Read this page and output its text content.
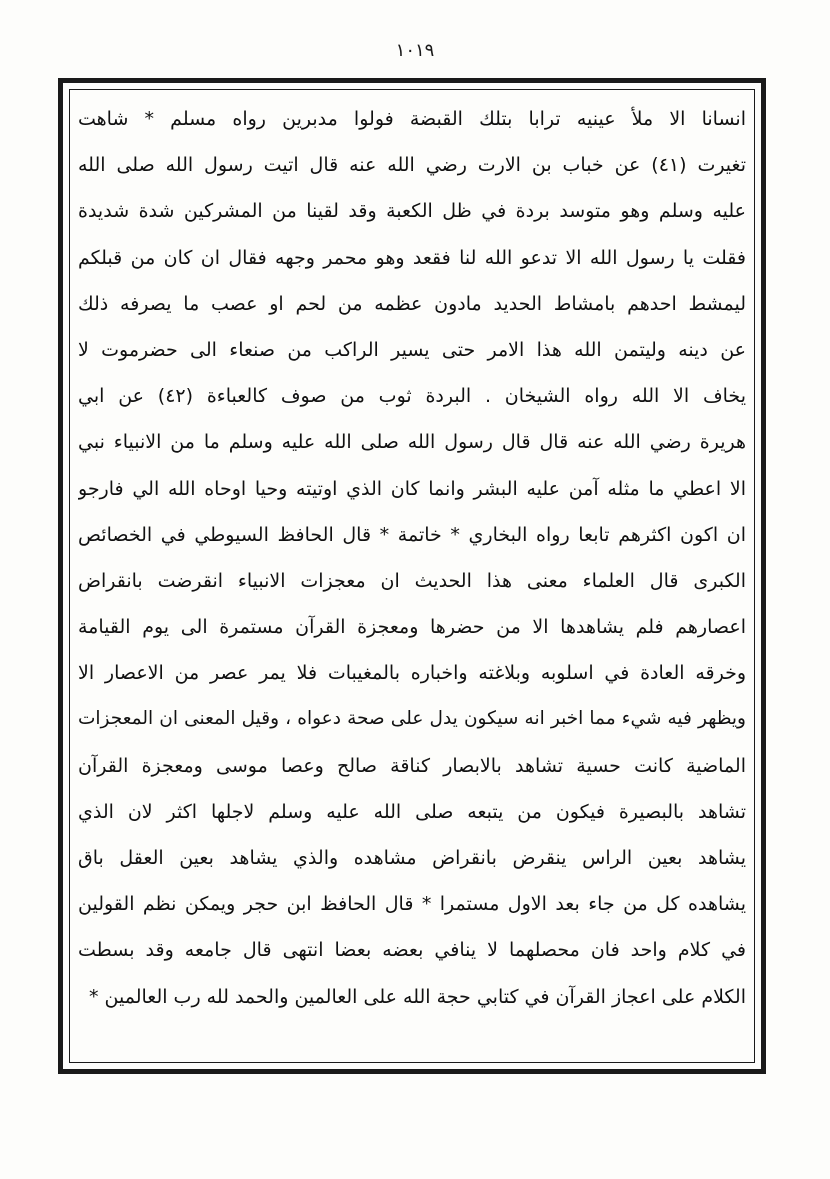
١٠١٩
انسانا الا ملأ عينيه ترابا بتلك القبضة فولوا مدبرين رواه مسلم * شاهت
تغيرت (٤١) عن خباب بن الارت رضي الله عنه قال اتيت رسول الله صلى الله
عليه وسلم وهو متوسد بردة في ظل الكعبة وقد لقينا من المشركين شدة شديدة
فقلت يا رسول الله الا تدعو الله لنا فقعد وهو محمر وجهه فقال ان كان من قبلكم
ليمشط احدهم بامشاط الحديد مادون عظمه من لحم او عصب ما يصرفه ذلك
عن دينه وليتمن الله هذا الامر حتى يسير الراكب من صنعاء الى حضرموت لا
يخاف الا الله رواه الشيخان . البردة ثوب من صوف كالعباءة (٤٢) عن ابي
هريرة رضي الله عنه قال قال رسول الله صلى الله عليه وسلم ما من الانبياء نبي
الا اعطي ما مثله آمن عليه البشر وانما كان الذي اوتيته وحيا اوحاه الله الي فارجو
ان اكون اكثرهم تابعا رواه البخاري * خاتمة * قال الحافظ السيوطي في الخصائص
الكبرى قال العلماء معنى هذا الحديث ان معجزات الانبياء انقرضت بانقراض
اعصارهم فلم يشاهدها الا من حضرها ومعجزة القرآن مستمرة الى يوم القيامة
وخرقه العادة في اسلوبه وبلاغته واخباره بالمغيبات فلا يمر عصر من الاعصار الا
ويظهر فيه شيء مما اخبر انه سيكون يدل على صحة دعواه ، وقيل المعنى ان المعجزات
الماضية كانت حسية تشاهد بالابصار كناقة صالح وعصا موسى ومعجزة القرآن
تشاهد بالبصيرة فيكون من يتبعه صلى الله عليه وسلم لاجلها اكثر لان الذي
يشاهد بعين الراس ينقرض بانقراض مشاهده والذي يشاهد بعين العقل باق
يشاهده كل من جاء بعد الاول مستمرا * قال الحافظ ابن حجر ويمكن نظم القولين
في كلام واحد فان محصلهما لا ينافي بعضه بعضا انتهى قال جامعه وقد بسطت
الكلام على اعجاز القرآن في كتابي حجة الله على العالمين والحمد لله رب العالمين *
